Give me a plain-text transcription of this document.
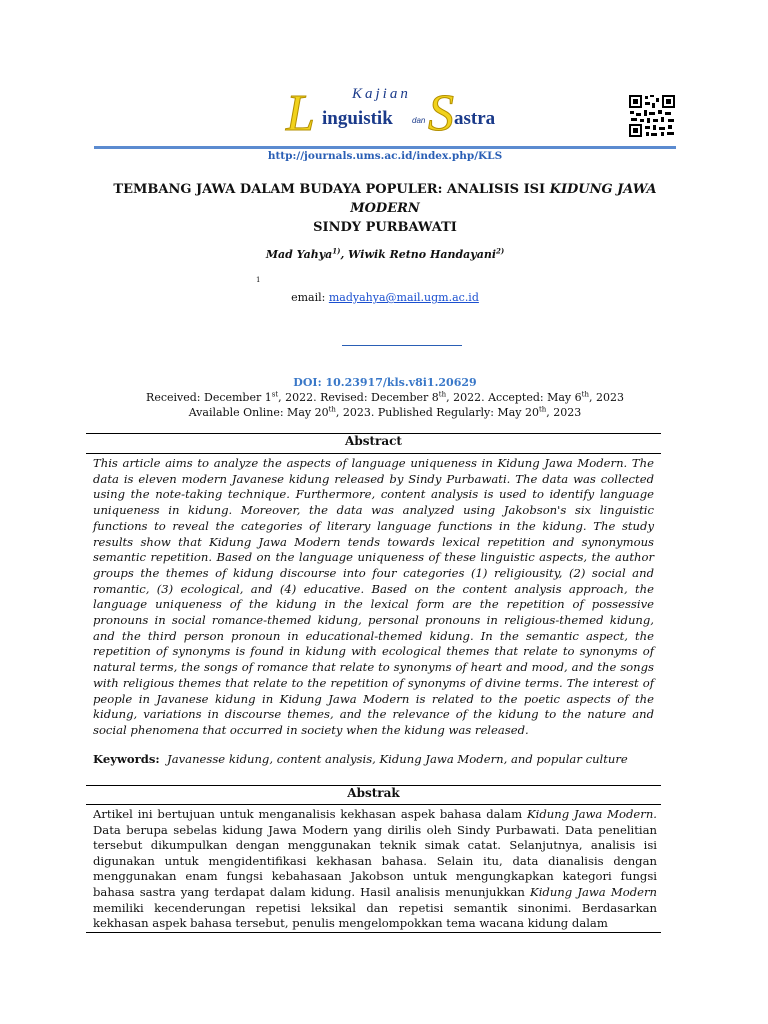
Kajian
L inguistik dan S astra
http://journals.ums.ac.id/index.php/KLS
TEMBANG JAWA DALAM BUDAYA POPULER: ANALISIS ISI KIDUNG JAWA MODERN
SINDY PURBAWATI
Mad Yahya$^{1)}$, Wiwik Retno Handayani$^{2)}$
1
email: madyahya@mail.ugm.ac.id
DOI: 10.23917/kls.v8i1.20629
Received: December 1st, 2022. Revised: December 8th, 2022. Accepted: May 6th, 2023
Available Online: May 20th, 2023. Published Regularly: May 20th, 2023
Abstract
This article aims to analyze the aspects of language uniqueness in Kidung Jawa Modern. The data is eleven modern Javanese kidung released by Sindy Purbawati. The data was collected using the note-taking technique. Furthermore, content analysis is used to identify language uniqueness in kidung. Moreover, the data was analyzed using Jakobson's six linguistic functions to reveal the categories of literary language functions in the kidung. The study results show that Kidung Jawa Modern tends towards lexical repetition and synonymous semantic repetition. Based on the language uniqueness of these linguistic aspects, the author groups the themes of kidung discourse into four categories (1) religiousity, (2) social and romantic, (3) ecological, and (4) educative. Based on the content analysis approach, the language uniqueness of the kidung in the lexical form are the repetition of possessive pronouns in social romance-themed kidung, personal pronouns in religious-themed kidung, and the third person pronoun in educational-themed kidung. In the semantic aspect, the repetition of synonyms is found in kidung with ecological themes that relate to synonyms of natural terms, the songs of romance that relate to synonyms of heart and mood, and the songs with religious themes that relate to the repetition of synonyms of divine terms. The interest of people in Javanese kidung in Kidung Jawa Modern is related to the poetic aspects of the kidung, variations in discourse themes, and the relevance of the kidung to the nature and social phenomena that occurred in society when the kidung was released.
Keywords: Javanesse kidung, content analysis, Kidung Jawa Modern, and popular culture
Abstrak
Artikel ini bertujuan untuk menganalisis kekhasan aspek bahasa dalam Kidung Jawa Modern. Data berupa sebelas kidung Jawa Modern yang dirilis oleh Sindy Purbawati. Data penelitian tersebut dikumpulkan dengan menggunakan teknik simak catat. Selanjutnya, analisis isi digunakan untuk mengidentifikasi kekhasan bahasa. Selain itu, data dianalisis dengan menggunakan enam fungsi kebahasaan Jakobson untuk mengungkapkan kategori fungsi bahasa sastra yang terdapat dalam kidung. Hasil analisis menunjukkan Kidung Jawa Modern memiliki kecenderungan repetisi leksikal dan repetisi semantik sinonimi. Berdasarkan kekhasan aspek bahasa tersebut, penulis mengelompokkan tema wacana kidung dalam
